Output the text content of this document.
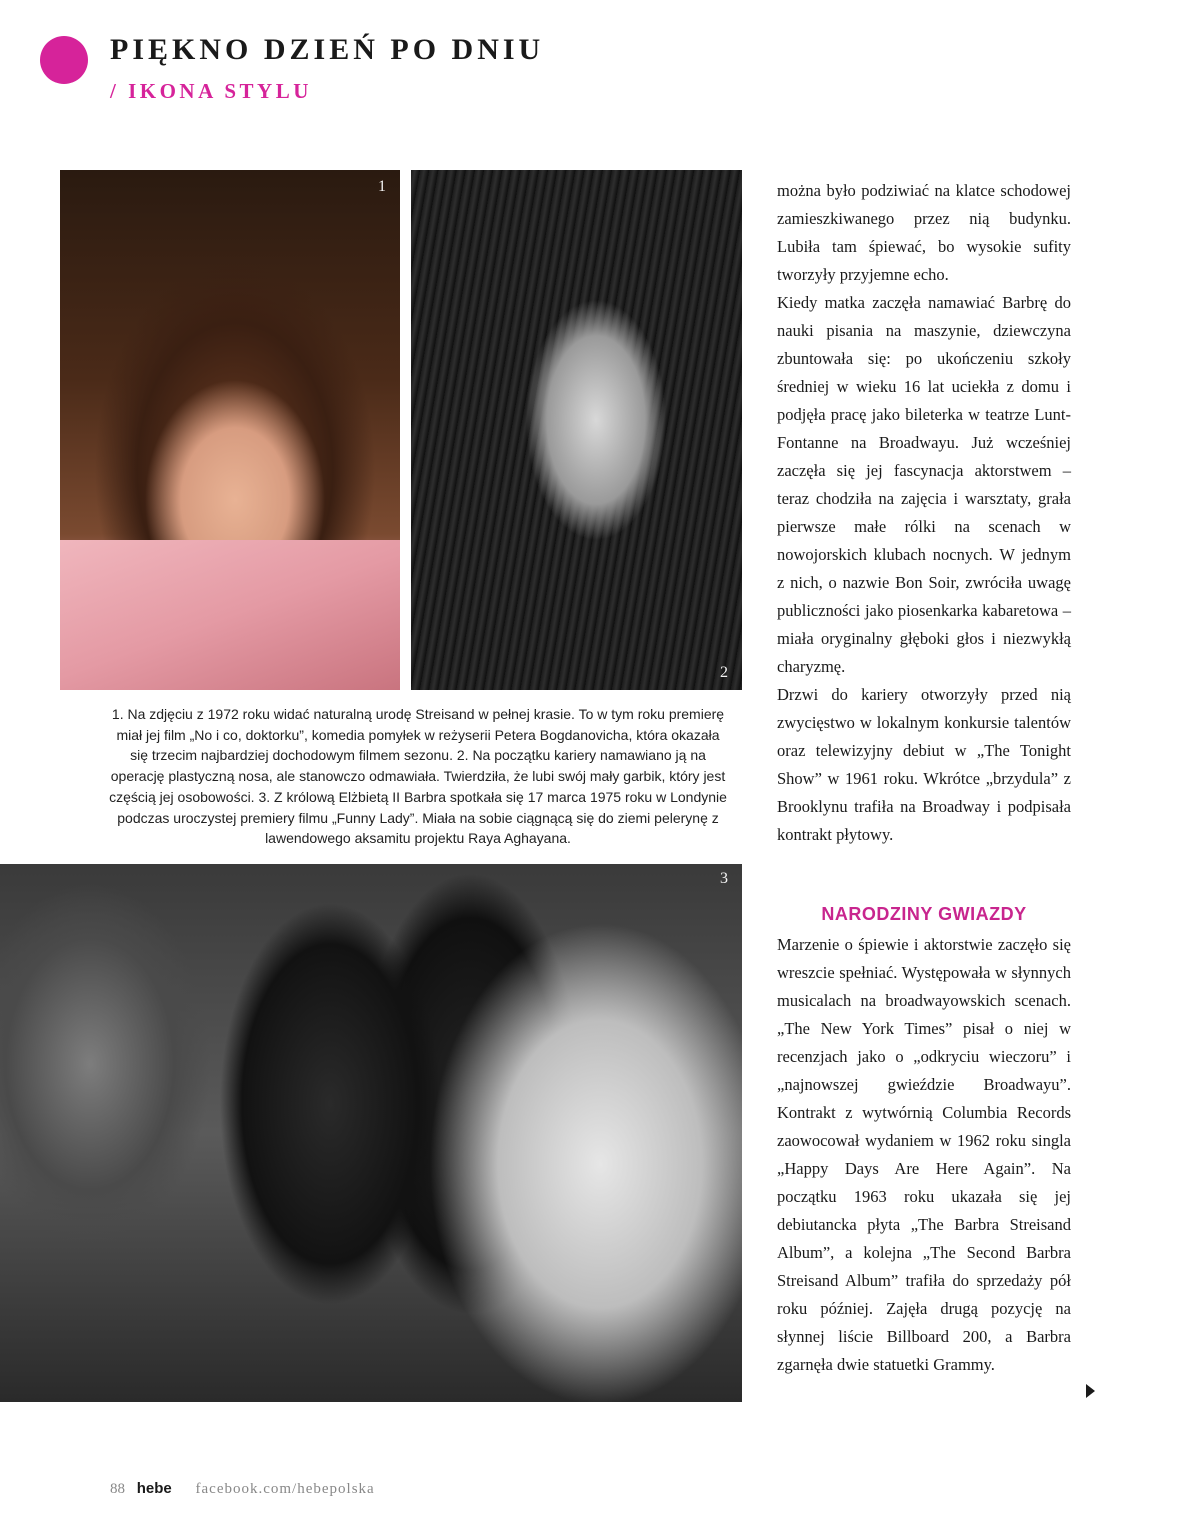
PIĘKNO DZIEŃ PO DNIU
/ IKONA STYLU
1
2

1. Na zdjęciu z 1972 roku widać naturalną urodę Streisand w pełnej krasie. To w tym roku premierę miał jej film „No i co, doktorku”, komedia pomyłek w reżyserii Petera Bogdanovicha, która okazała się trzecim najbardziej dochodowym filmem sezonu. 2. Na początku kariery namawiano ją na operację plastyczną nosa, ale stanowczo odmawiała. Twierdziła, że lubi swój mały garbik, który jest częścią jej osobowości. 3. Z królową Elżbietą II Barbra spotkała się 17 marca 1975 roku w Londynie podczas uroczystej premiery filmu „Funny Lady”. Miała na sobie ciągnącą się do ziemi pelerynę z lawendowego aksamitu projektu Raya Aghayana.

3

można było podziwiać na klatce schodowej zamieszkiwanego przez nią budynku. Lubiła tam śpiewać, bo wysokie sufity tworzyły przyjemne echo.

Kiedy matka zaczęła namawiać Barbrę do nauki pisania na maszynie, dziewczyna zbuntowała się: po ukończeniu szkoły średniej w wieku 16 lat uciekła z domu i podjęła pracę jako bileterka w teatrze Lunt-Fontanne na Broadwayu. Już wcześniej zaczęła się jej fascynacja aktorstwem – teraz chodziła na zajęcia i warsztaty, grała pierwsze małe rólki na scenach w nowojorskich klubach nocnych. W jednym z nich, o nazwie Bon Soir, zwróciła uwagę publiczności jako piosenkarka kabaretowa – miała oryginalny głęboki głos i niezwykłą charyzmę.

Drzwi do kariery otworzyły przed nią zwycięstwo w lokalnym konkursie talentów oraz telewizyjny debiut w „The Tonight Show” w 1961 roku. Wkrótce „brzydula” z Brooklynu trafiła na Broadway i podpisała kontrakt płytowy.

NARODZINY GWIAZDY

Marzenie o śpiewie i aktorstwie zaczęło się wreszcie spełniać. Występowała w słynnych musicalach na broadwayowskich scenach. „The New York Times” pisał o niej w recenzjach jako o „odkryciu wieczoru” i „najnowszej gwieździe Broadwayu”. Kontrakt z wytwórnią Columbia Records zaowocował wydaniem w 1962 roku singla „Happy Days Are Here Again”. Na początku 1963 roku ukazała się jej debiutancka płyta „The Barbra Streisand Album”, a kolejna „The Second Barbra Streisand Album” trafiła do sprzedaży pół roku później. Zajęła drugą pozycję na słynnej liście Billboard 200, a Barbra zgarnęła dwie statuetki Grammy.

88 hebe facebook.com/hebepolska
